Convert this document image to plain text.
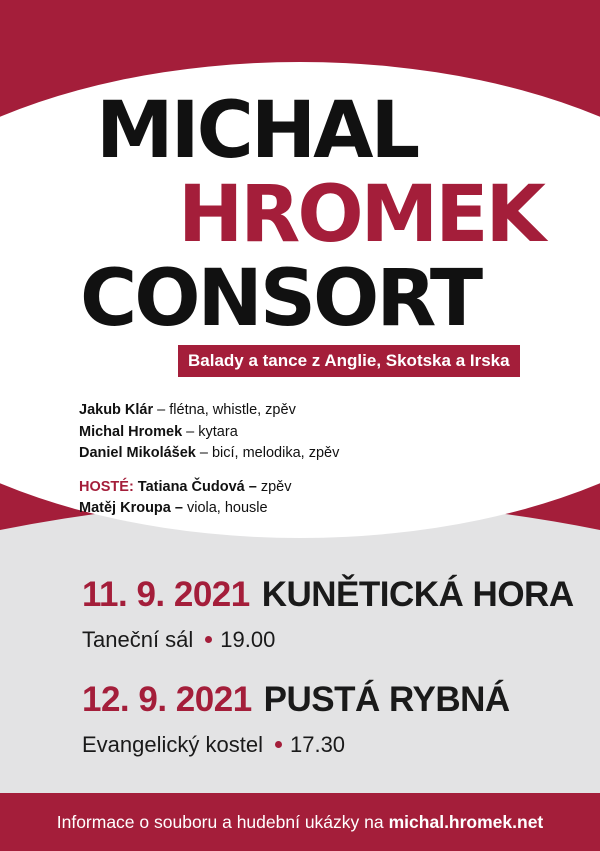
MICHAL
HROMEK
CONSORT
Balady a tance z Anglie, Skotska a Irska
Jakub Klár – flétna, whistle, zpěv
Michal Hromek – kytara
Daniel Mikolášek – bicí, melodika, zpěv
HOSTÉ: Tatiana Čudová – zpěv
Matěj Kroupa – viola, housle
11. 9. 2021 KUNĚTICKÁ HORA
Taneční sál 19.00
12. 9. 2021 PUSTÁ RYBNÁ
Evangelický kostel 17.30
Informace o souboru a hudební ukázky na michal.hromek.net
